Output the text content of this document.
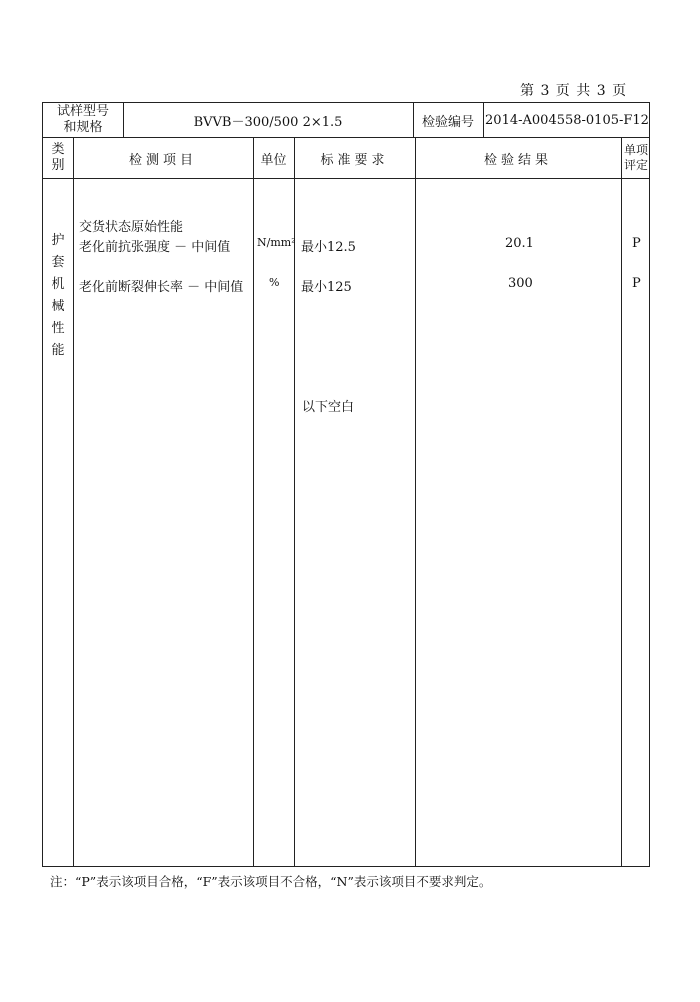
第 3 页 共 3 页
试样型号
和规格	BVVB－300/500 2×1.5	检验编号 2014-A004558-0105-F12
类
别	检测项目	单位	标准要求	检验结果
单项
评定
护
套
机
械
性
能
交货状态原始性能
老化前抗张强度 － 中间值 N/mm² 最小12.5	20.1	P
老化前断裂伸长率 － 中间值 % 最小125	300	P
以下空白
注：“P”表示该项目合格，“F”表示该项目不合格，“N”表示该项目不要求判定。
